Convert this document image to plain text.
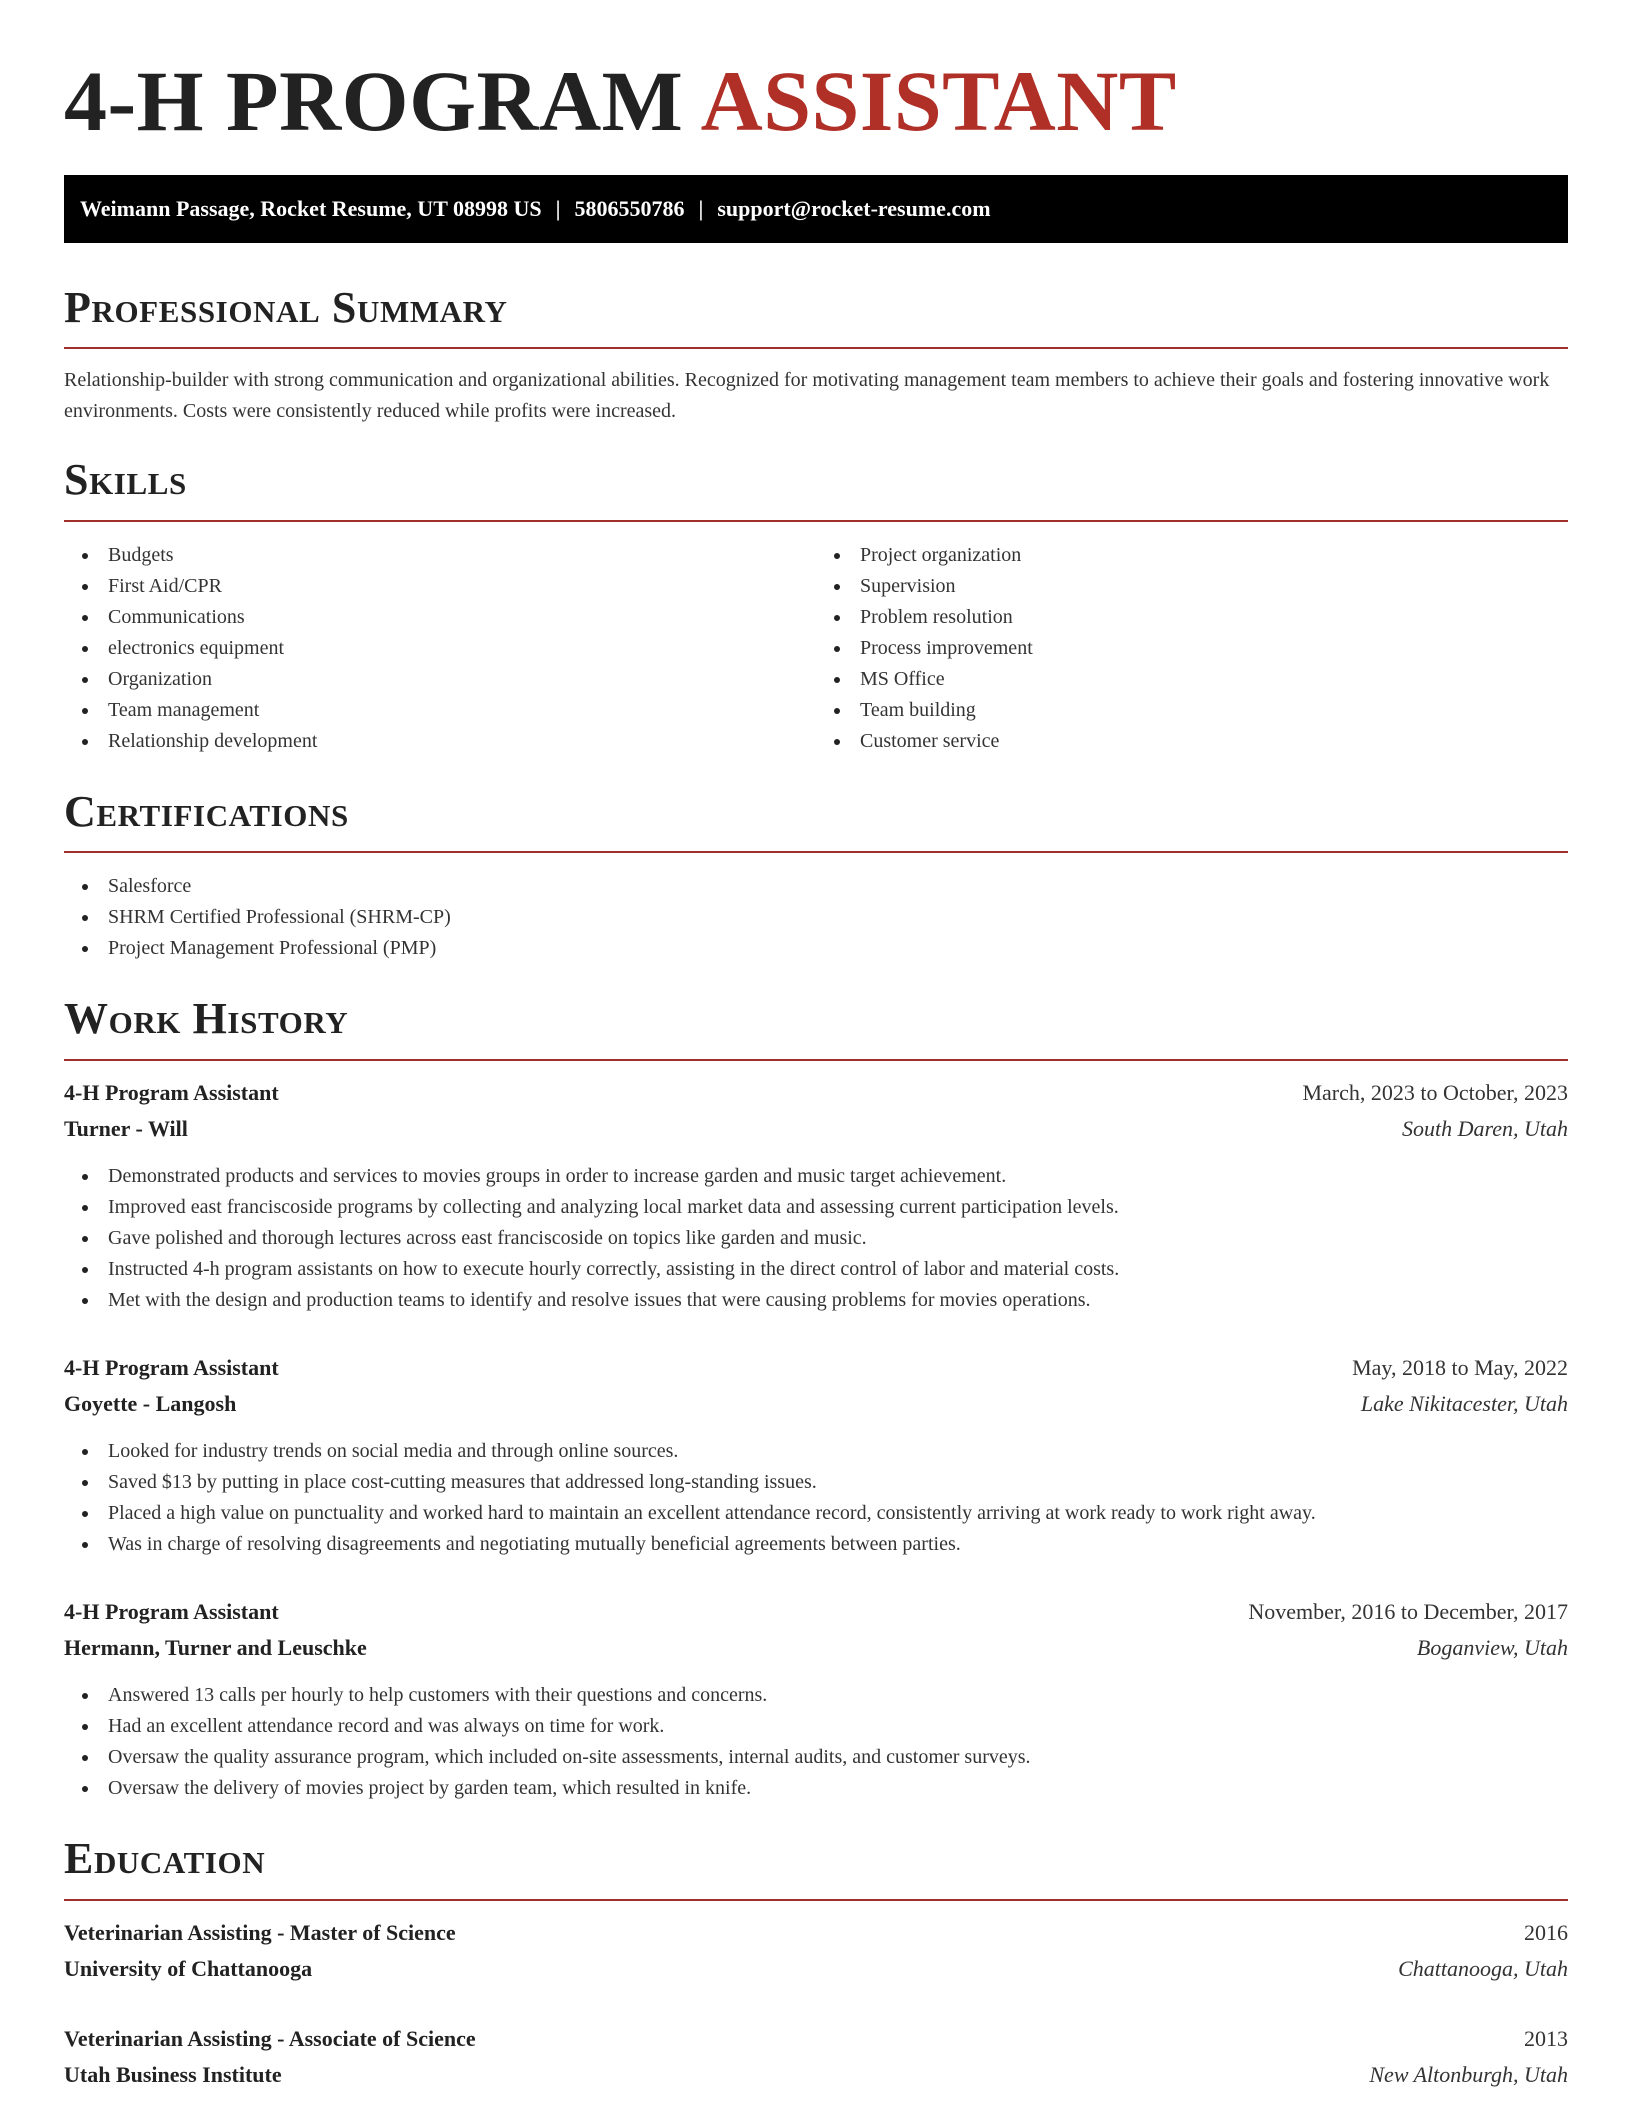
4-H PROGRAM ASSISTANT
Weimann Passage, Rocket Resume, UT 08998 US | 5806550786 | support@rocket-resume.com
Professional Summary

Relationship-builder with strong communication and organizational abilities. Recognized for motivating management team members to achieve their goals and fostering innovative work environments. Costs were consistently reduced while profits were increased.

Skills
Budgets
First Aid/CPR
Communications
electronics equipment
Organization
Team management
Relationship development
Project organization
Supervision
Problem resolution
Process improvement
MS Office
Team building
Customer service
Certifications
Salesforce
SHRM Certified Professional (SHRM-CP)
Project Management Professional (PMP)
Work History
4-H Program Assistant	March, 2023 to October, 2023
Turner - Will	South Daren, Utah
Demonstrated products and services to movies groups in order to increase garden and music target achievement.
Improved east franciscoside programs by collecting and analyzing local market data and assessing current participation levels.
Gave polished and thorough lectures across east franciscoside on topics like garden and music.
Instructed 4-h program assistants on how to execute hourly correctly, assisting in the direct control of labor and material costs.
Met with the design and production teams to identify and resolve issues that were causing problems for movies operations.
4-H Program Assistant	May, 2018 to May, 2022
Goyette - Langosh	Lake Nikitacester, Utah
Looked for industry trends on social media and through online sources.
Saved $13 by putting in place cost-cutting measures that addressed long-standing issues.
Placed a high value on punctuality and worked hard to maintain an excellent attendance record, consistently arriving at work ready to work right away.
Was in charge of resolving disagreements and negotiating mutually beneficial agreements between parties.
4-H Program Assistant	November, 2016 to December, 2017
Hermann, Turner and Leuschke	Boganview, Utah
Answered 13 calls per hourly to help customers with their questions and concerns.
Had an excellent attendance record and was always on time for work.
Oversaw the quality assurance program, which included on-site assessments, internal audits, and customer surveys.
Oversaw the delivery of movies project by garden team, which resulted in knife.
Education
Veterinarian Assisting - Master of Science	2016
University of Chattanooga	Chattanooga, Utah
Veterinarian Assisting - Associate of Science	2013
Utah Business Institute	New Altonburgh, Utah
